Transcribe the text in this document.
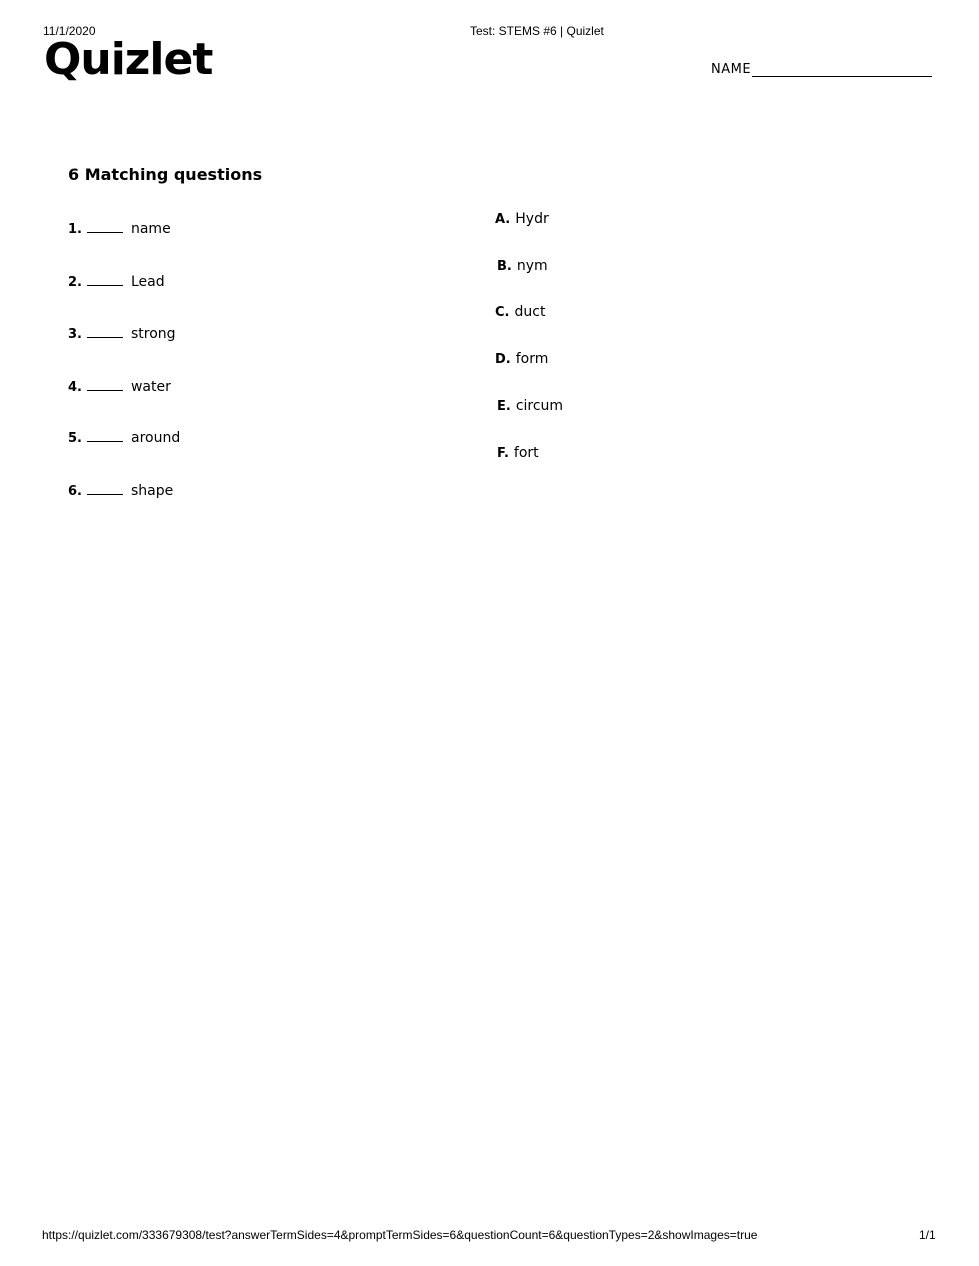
11/1/2020	Test: STEMS #6 | Quizlet
Quizlet	NAME
6 Matching questions
1.	name
2.	Lead
3.	strong
4.	water
5.	around
6.	shape
A. Hydr
B. nym
C. duct
D. form
E. circum
F. fort
https://quizlet.com/333679308/test?answerTermSides=4&promptTermSides=6&questionCount=6&questionTypes=2&showImages=true	1/1
